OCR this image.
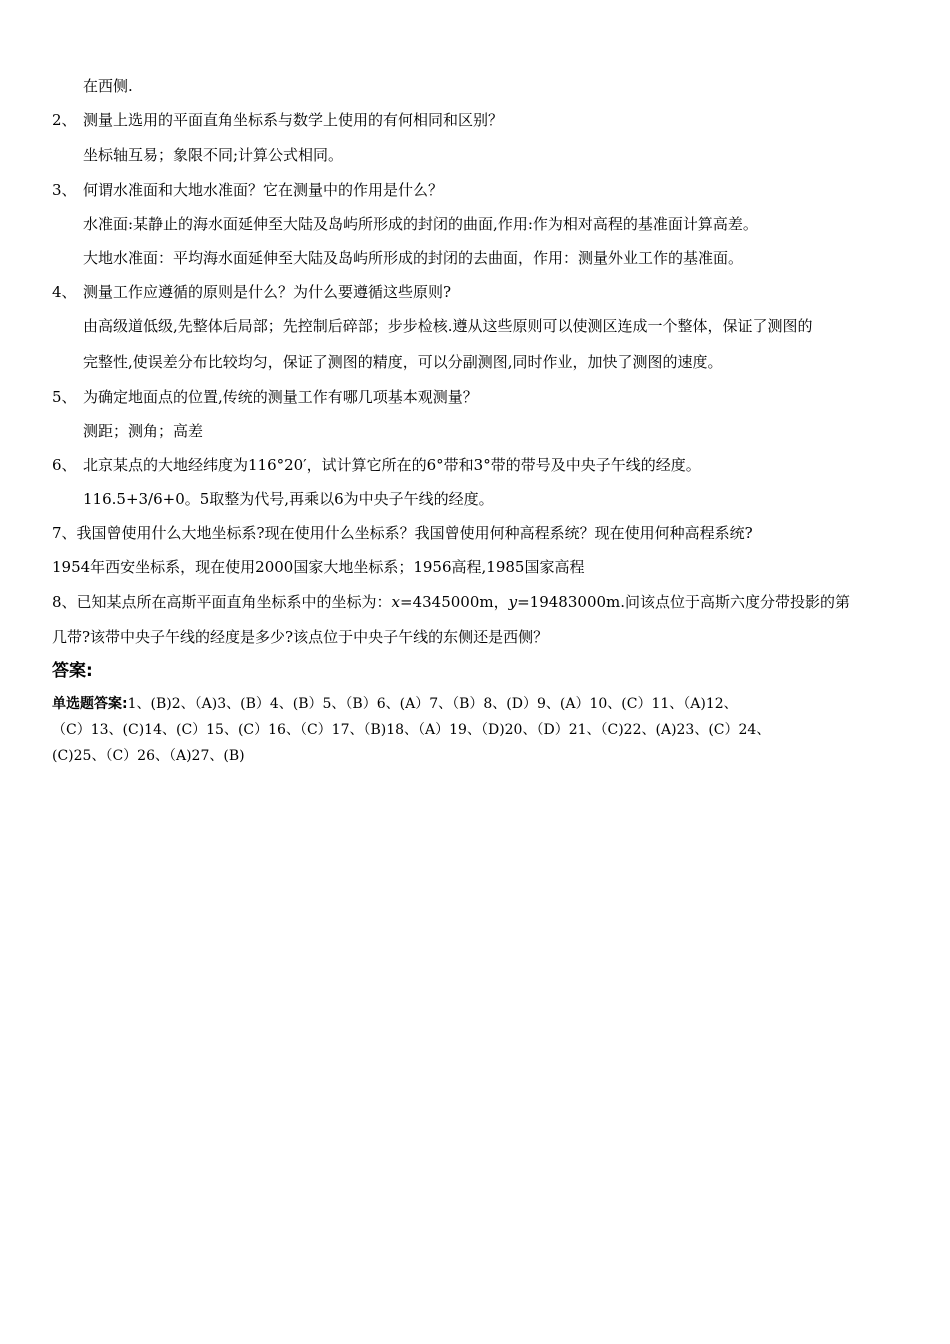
在西侧.
2、 测量上选用的平面直角坐标系与数学上使用的有何相同和区别？
坐标轴互易；象限不同;计算公式相同。
3、 何谓水准面和大地水准面？它在测量中的作用是什么？
水准面:某静止的海水面延伸至大陆及岛屿所形成的封闭的曲面,作用:作为相对高程的基准面计算高差。
大地水准面：平均海水面延伸至大陆及岛屿所形成的封闭的去曲面，作用：测量外业工作的基准面。
4、 测量工作应遵循的原则是什么？为什么要遵循这些原则?
由高级道低级,先整体后局部；先控制后碎部；步步检核.遵从这些原则可以使测区连成一个整体，保证了测图的
完整性,使误差分布比较均匀，保证了测图的精度，可以分副测图,同时作业，加快了测图的速度。
5、 为确定地面点的位置,传统的测量工作有哪几项基本观测量？
测距；测角；高差
6、 北京某点的大地经纬度为116°20′，试计算它所在的6°带和3°带的带号及中央子午线的经度。
116.5+3/6+0。5取整为代号,再乘以6为中央子午线的经度。
7、我国曾使用什么大地坐标系?现在使用什么坐标系？我国曾使用何种高程系统？现在使用何种高程系统?
1954年西安坐标系，现在使用2000国家大地坐标系；1956高程,1985国家高程
8、已知某点所在高斯平面直角坐标系中的坐标为：x=4345000m，y=19483000m.问该点位于高斯六度分带投影的第
几带?该带中央子午线的经度是多少?该点位于中央子午线的东侧还是西侧？
答案:
单选题答案:1、(B)2、（A)3、(B）4、(B）5、（B）6、(A）7、（B）8、(D）9、(A）10、(C）11、（A)12、
（C）13、(C)14、(C）15、(C）16、（C）17、（B)18、（A）19、（D)20、（D）21、（C)22、(A)23、(C）24、
(C)25、（C）26、（A)27、(B)
